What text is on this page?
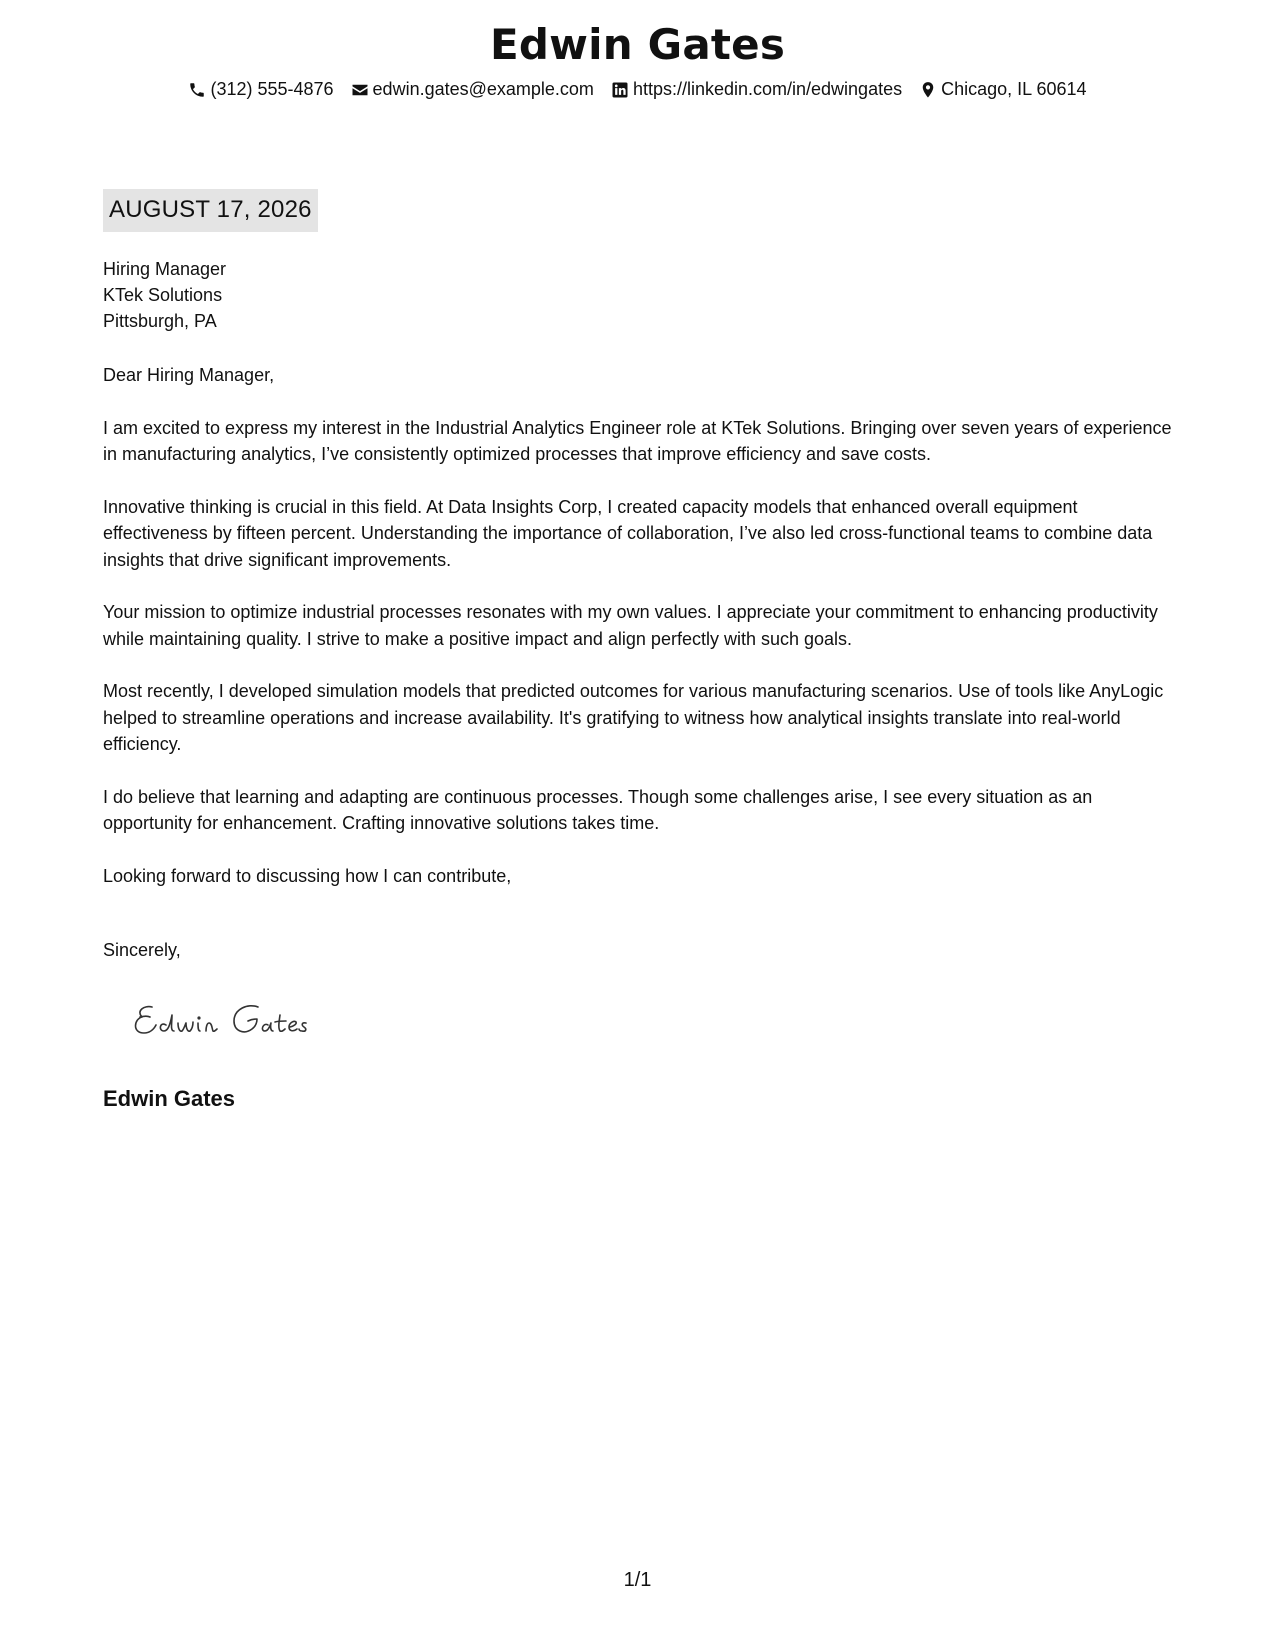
Edwin Gates
(312) 555-4876 edwin.gates@example.com https://linkedin.com/in/edwingates Chicago, IL 60614
AUGUST 17, 2026
Hiring Manager
KTek Solutions
Pittsburgh, PA

Dear Hiring Manager,

I am excited to express my interest in the Industrial Analytics Engineer role at KTek Solutions. Bringing over seven years of experience in manufacturing analytics, I’ve consistently optimized processes that improve efficiency and save costs.

Innovative thinking is crucial in this field. At Data Insights Corp, I created capacity models that enhanced overall equipment effectiveness by fifteen percent. Understanding the importance of collaboration, I’ve also led cross-functional teams to combine data insights that drive significant improvements.

Your mission to optimize industrial processes resonates with my own values. I appreciate your commitment to enhancing productivity while maintaining quality. I strive to make a positive impact and align perfectly with such goals.

Most recently, I developed simulation models that predicted outcomes for various manufacturing scenarios. Use of tools like AnyLogic helped to streamline operations and increase availability. It's gratifying to witness how analytical insights translate into real-world efficiency.

I do believe that learning and adapting are continuous processes. Though some challenges arise, I see every situation as an opportunity for enhancement. Crafting innovative solutions takes time.

Looking forward to discussing how I can contribute,

Sincerely,
Edwin Gates
1/1
